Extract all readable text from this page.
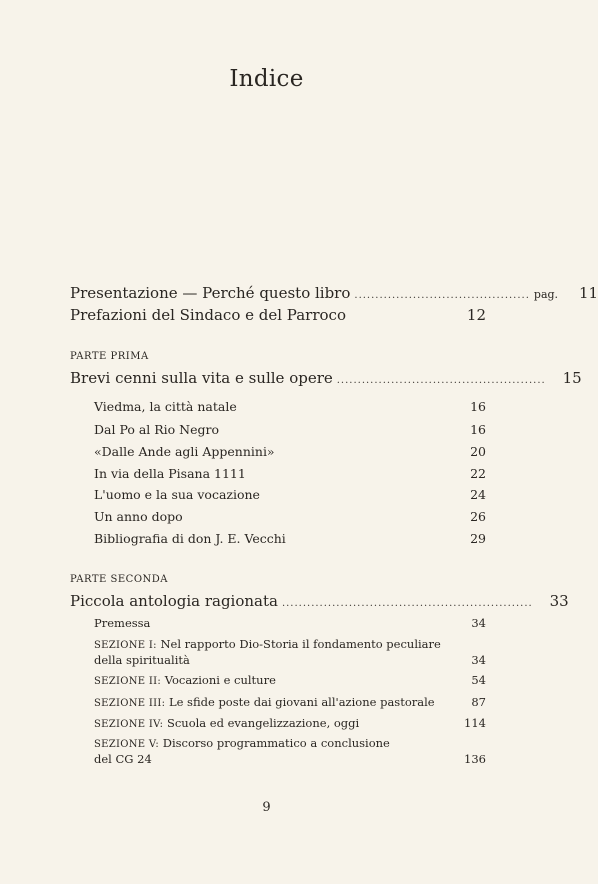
Indice
Presentazione — Perché questo libro .......................................... pag.	11
Prefazioni del Sindaco e del Parroco	12
PARTE PRIMA
Brevi cenni sulla vita e sulle opere ..................................................	15
Viedma, la città natale	16
Dal Po al Rio Negro	16
«Dalle Ande agli Appennini»	20
In via della Pisana 1111	22
L'uomo e la sua vocazione	24
Un anno dopo	26
Bibliografia di don J. E. Vecchi	29
PARTE SECONDA
Piccola antologia ragionata ............................................................	33
Premessa	34
SEZIONE I: Nel rapporto Dio-Storia il fondamento peculiare
della spiritualità	34
SEZIONE II: Vocazioni e culture	54
SEZIONE III: Le sfide poste dai giovani all'azione pastorale	87
SEZIONE IV: Scuola ed evangelizzazione, oggi	114
SEZIONE V: Discorso programmatico a conclusione
del CG 24	136
9
